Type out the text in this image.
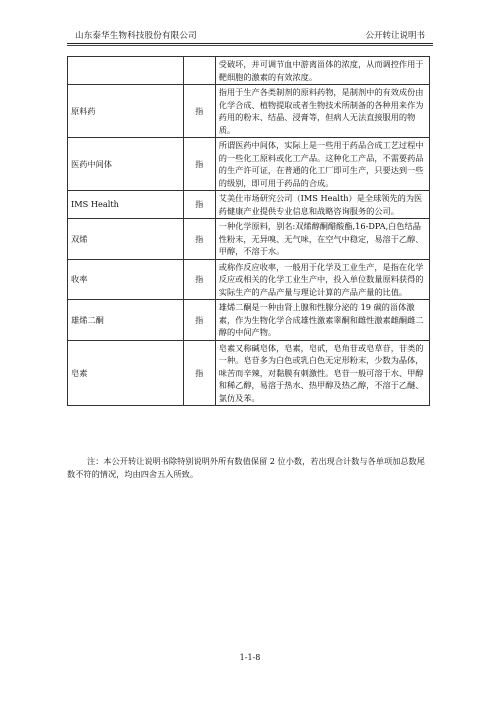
山东泰华生物科技股份有限公司	公开转让说明书
		受破坏，并可调节血中游离甾体的浓度，从而调控作用于靶细胞的激素的有效浓度。
原料药	指	指用于生产各类制剂的原料药物，是制剂中的有效成份由化学合成、植物提取或者生物技术所制备的各种用来作为药用的粉末、结晶、浸膏等，但病人无法直接服用的物质。
医药中间体	指	所谓医药中间体，实际上是一些用于药品合成工艺过程中的一些化工原料或化工产品。这种化工产品，不需要药品的生产许可证，在普通的化工厂即可生产，只要达到一些的级别，即可用于药品的合成。
IMS Health	指	艾美仕市场研究公司（IMS Health）是全球领先的为医药健康产业提供专业信息和战略咨询服务的公司。
双烯	指	一种化学原料，别名:双烯醇酮醋酸酯,16-DPA,白色结晶性粉末，无异嗅、无气味，在空气中稳定，易溶于乙醇、甲醇，不溶于水。
收率	指	或称作反应收率，一般用于化学及工业生产，是指在化学反应或相关的化学工业生产中，投入单位数量原料获得的实际生产的产品产量与理论计算的产品产量的比值。
雄烯二酮	指	雄烯二酮是一种由肾上腺和性腺分泌的 19 碳的甾体激素，作为生物化学合成雄性激素睾酮和雌性激素雌酮雌二醇的中间产物。
皂素	指	皂素又称碱皂体，皂素，皂甙，皂角苷或皂草苷，苷类的一种。皂苷多为白色或乳白色无定形粉末，少数为晶体，味苦而辛辣，对黏膜有刺激性。皂苷一般可溶于水、甲醇和稀乙醇，易溶于热水、热甲醇及热乙醇，不溶于乙醚、氯仿及苯。

注：本公开转让说明书除特别说明外所有数值保留 2 位小数，若出现合计数与各单项加总数尾数不符的情况，均由四舍五入所致。

1-1-8
